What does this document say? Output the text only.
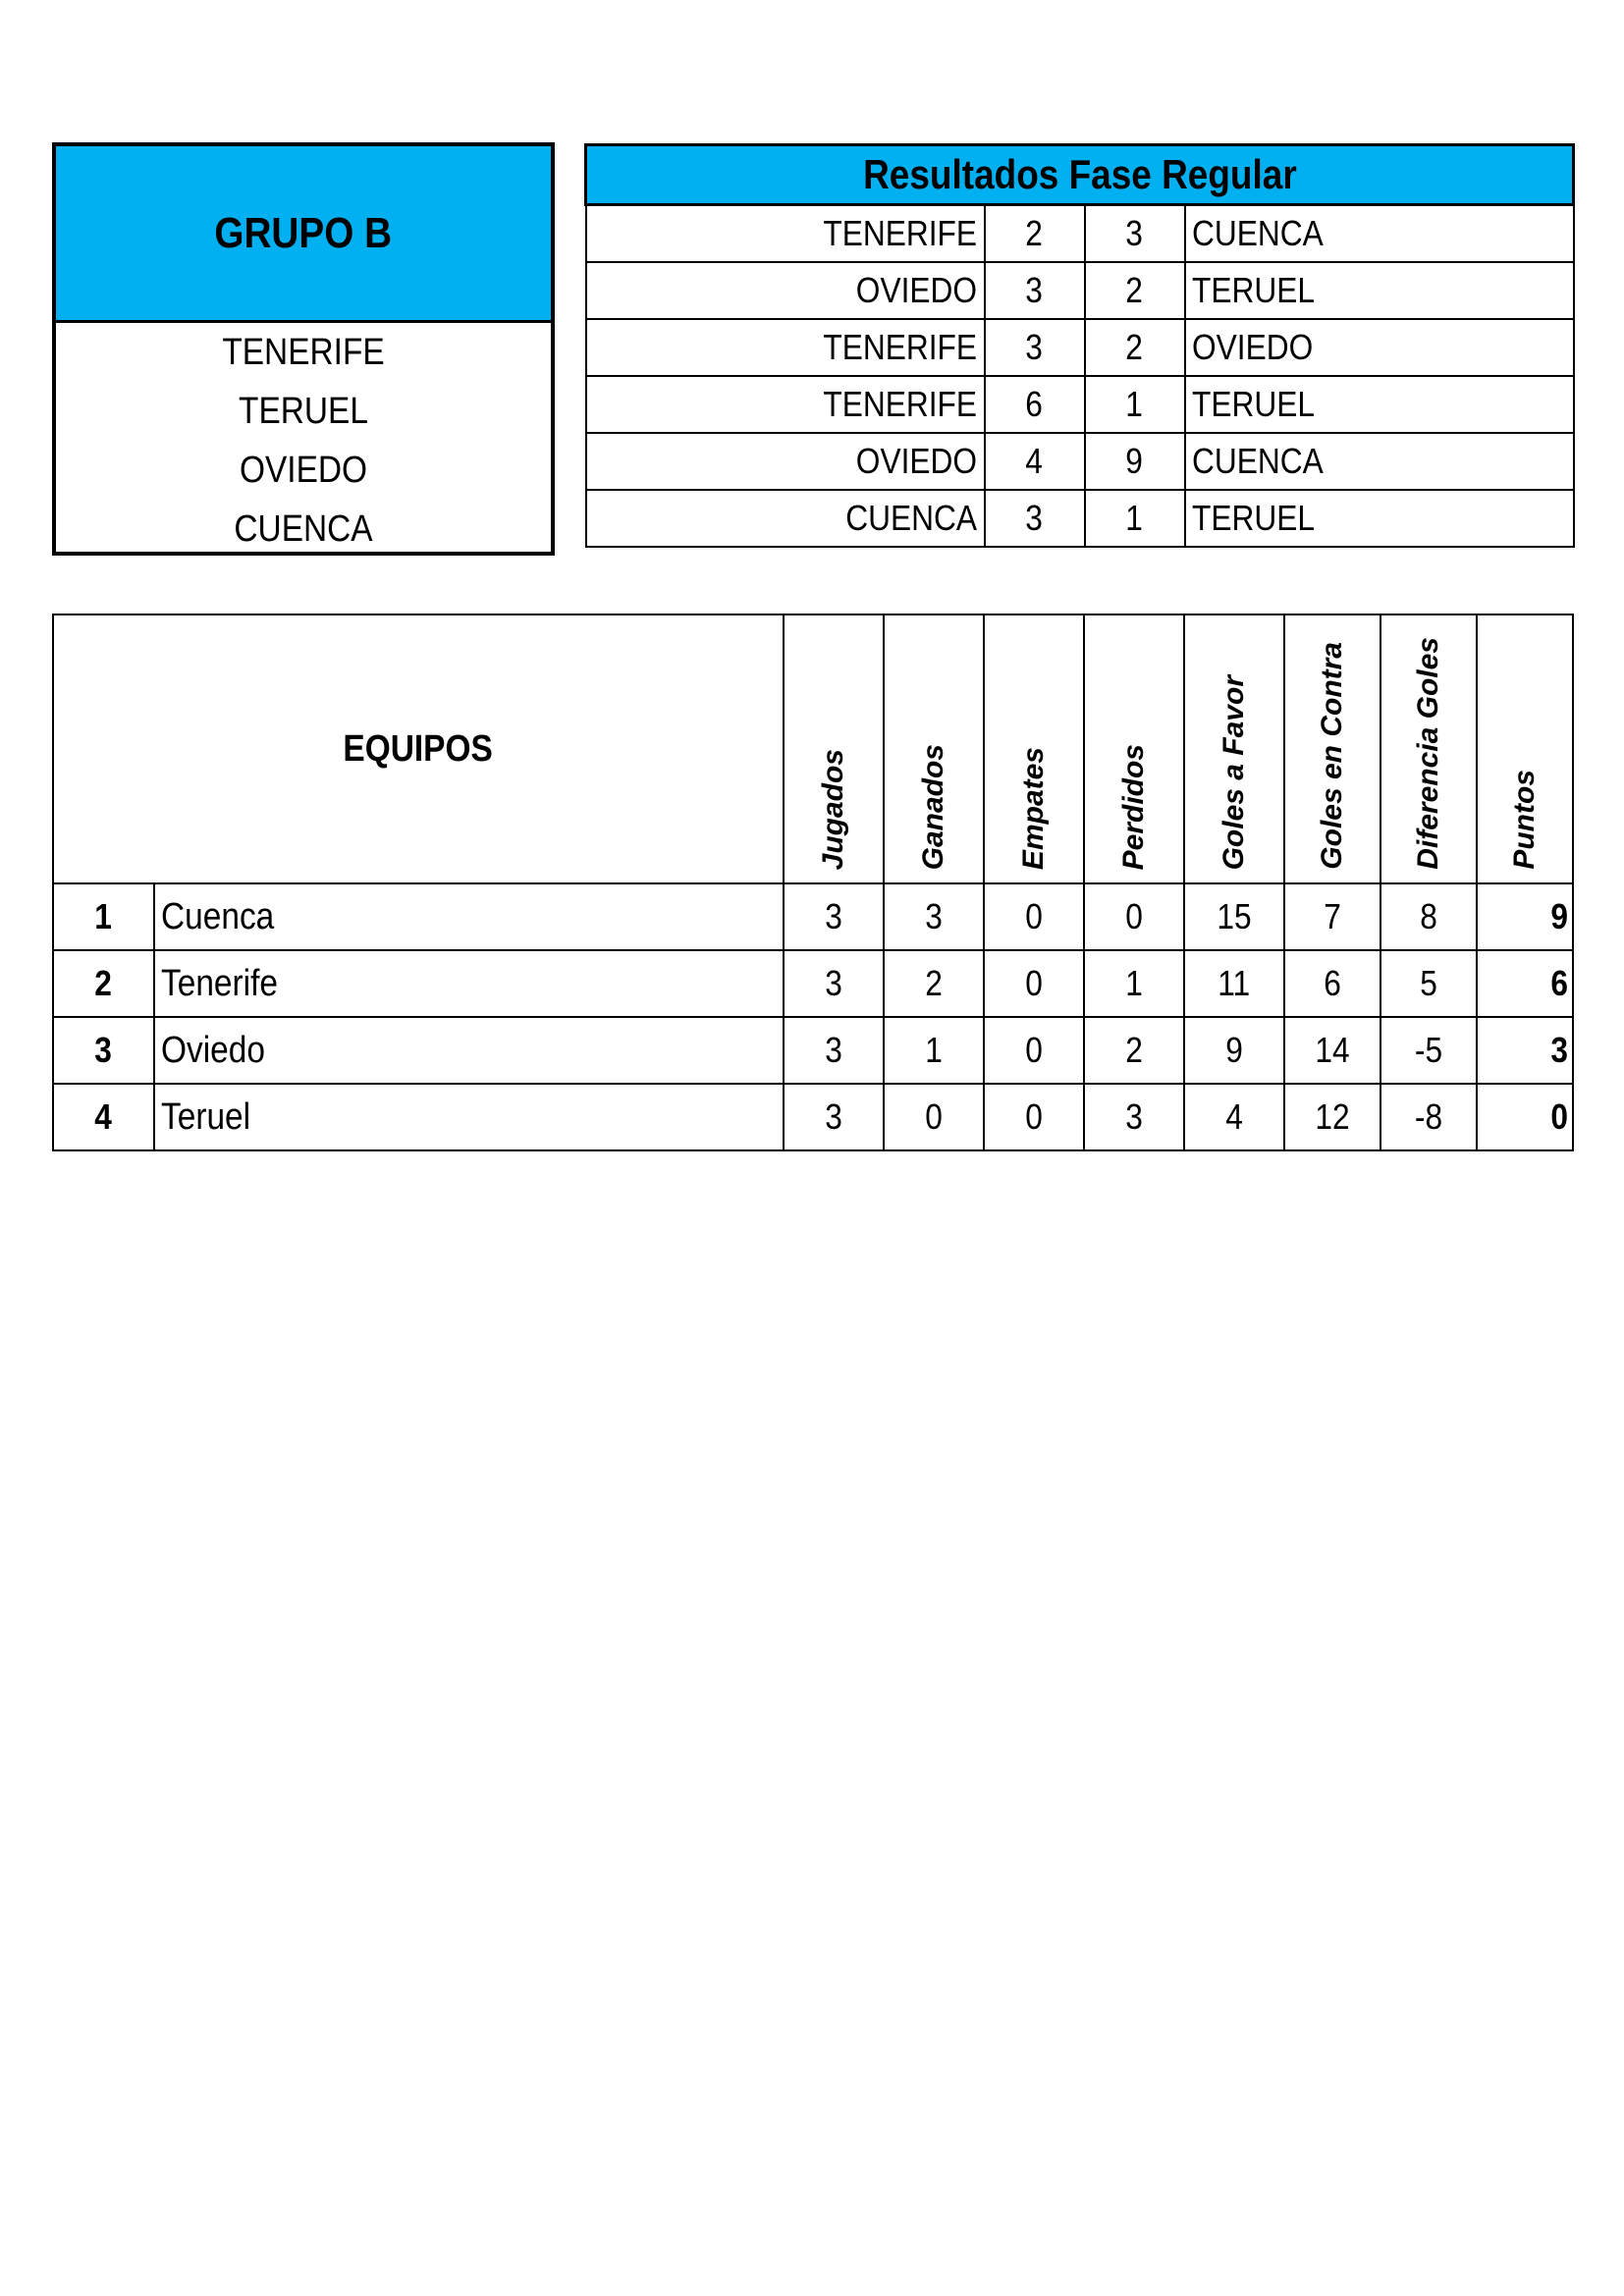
GRUPO B
TENERIFE
TERUEL
OVIEDO
CUENCA
Resultados Fase Regular			
TENERIFE	2	3	CUENCA
OVIEDO	3	2	TERUEL
TENERIFE	3	2	OVIEDO
TENERIFE	6	1	TERUEL
OVIEDO	4	9	CUENCA
CUENCA	3	1	TERUEL
EQUIPOS		Jugados	Ganados	Empates	Perdidos	Goles a Favor	Goles en Contra	Diferencia Goles	Puntos
1	Cuenca	3	3	0	0	15	7	8	9
2	Tenerife	3	2	0	1	11	6	5	6
3	Oviedo	3	1	0	2	9	14	-5	3
4	Teruel	3	0	0	3	4	12	-8	0
